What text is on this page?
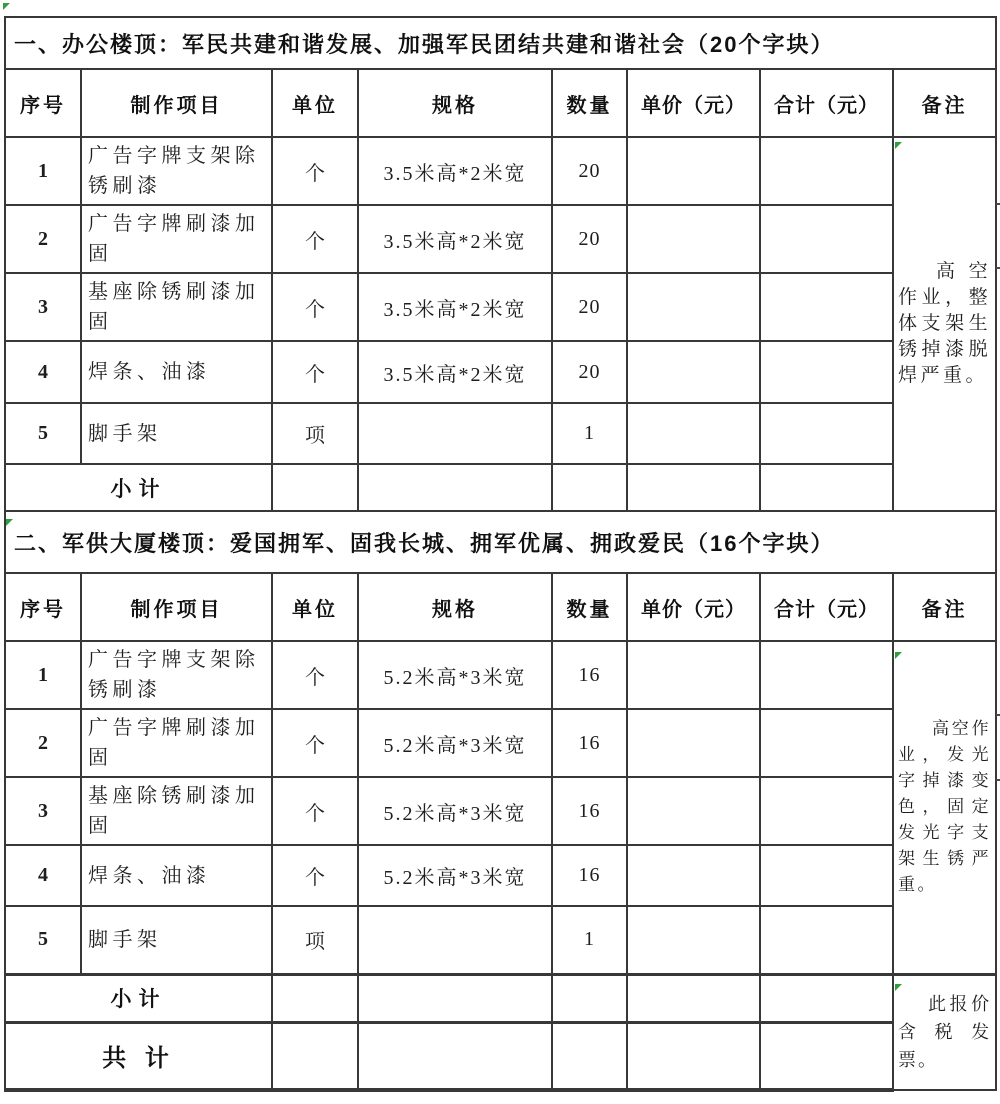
一、办公楼顶：军民共建和谐发展、加强军民团结共建和谐社会（20个字块）							
序号	制作项目	单位	规格	数量	单价（元）	合计（元）	备注
1	广告字牌支架除锈刷漆	个	3.5米高*2米宽	20			高空作业，整体支架生锈掉漆脱焊严重。

2	广告字牌刷漆加固	个	3.5米高*2米宽	20			
3	基座除锈刷漆加固	个	3.5米高*2米宽	20			
4	焊条、油漆	个	3.5米高*2米宽	20			
5	脚手架	项		1			
小计							
二、军供大厦楼顶：爱国拥军、固我长城、拥军优属、拥政爱民（16个字块）							
序号	制作项目	单位	规格	数量	单价（元）	合计（元）	备注
1	广告字牌支架除锈刷漆	个	5.2米高*3米宽	16			高空作业，发光字掉漆变色，固定发光字支架生锈严重。

2	广告字牌刷漆加固	个	5.2米高*3米宽	16			
3	基座除锈刷漆加固	个	5.2米高*3米宽	16			
4	焊条、油漆	个	5.2米高*3米宽	16			
5	脚手架	项		1			
小计							此报价含税发票。

共 计							
